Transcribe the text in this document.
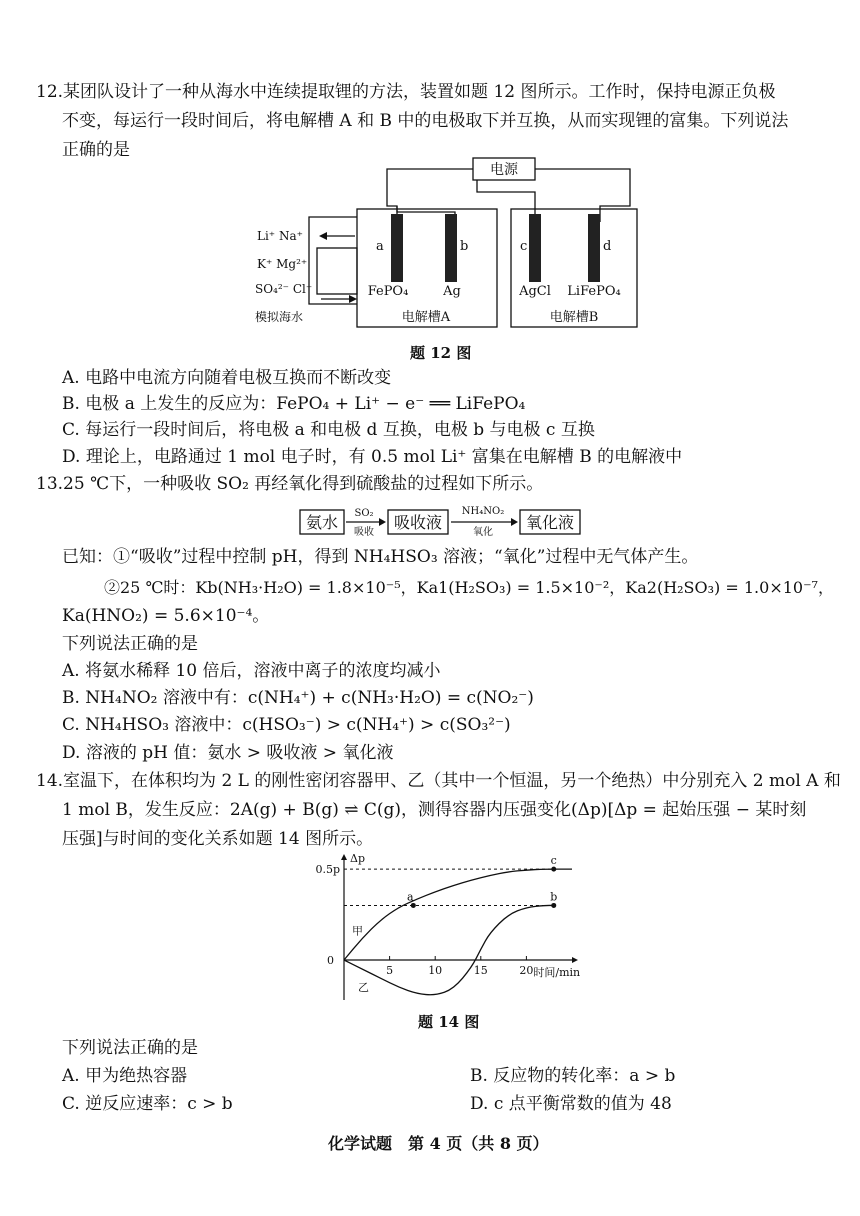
12.某团队设计了一种从海水中连续提取锂的方法，装置如题 12 图所示。工作时，保持电源正负极
不变，每运行一段时间后，将电解槽 A 和 B 中的电极取下并互换，从而实现锂的富集。下列说法
正确的是
电源
电解槽A	电解槽B
a	b	c	d
FePO₄	Ag	AgCl LiFePO₄
Li⁺ Na⁺
K⁺ Mg²⁺
SO₄²⁻ Cl⁻
模拟海水
题 12 图
A. 电路中电流方向随着电极互换而不断改变
B. 电极 a 上发生的反应为：FePO₄ + Li⁺ − e⁻ ══ LiFePO₄
C. 每运行一段时间后，将电极 a 和电极 d 互换，电极 b 与电极 c 互换
D. 理论上，电路通过 1 mol 电子时，有 0.5 mol Li⁺ 富集在电解槽 B 的电解液中
13.25 ℃下，一种吸收 SO₂ 再经氧化得到硫酸盐的过程如下所示。
氨水 SO₂
吸收
吸收液
NH₄NO₂
氧化
氧化液
已知：①“吸收”过程中控制 pH，得到 NH₄HSO₃ 溶液；“氧化”过程中无气体产生。
②25 ℃时：Kb(NH₃·H₂O) = 1.8×10⁻⁵，Ka1(H₂SO₃) = 1.5×10⁻²，Ka2(H₂SO₃) = 1.0×10⁻⁷，
Ka(HNO₂) = 5.6×10⁻⁴。
下列说法正确的是
A. 将氨水稀释 10 倍后，溶液中离子的浓度均减小
B. NH₄NO₂ 溶液中有：c(NH₄⁺) + c(NH₃·H₂O) = c(NO₂⁻)
C. NH₄HSO₃ 溶液中：c(HSO₃⁻) > c(NH₄⁺) > c(SO₃²⁻)
D. 溶液的 pH 值：氨水 > 吸收液 > 氧化液
14.室温下，在体积均为 2 L 的刚性密闭容器甲、乙（其中一个恒温，另一个绝热）中分别充入 2 mol A 和
1 mol B，发生反应：2A(g) + B(g) ⇌ C(g)，测得容器内压强变化(Δp)[Δp = 起始压强 − 某时刻
压强]与时间的变化关系如题 14 图所示。
Δp
时间/min
0
5	10	15	20
0.5p
甲
乙
a	b
c
题 14 图
下列说法正确的是
A. 甲为绝热容器	B. 反应物的转化率：a > b
C. 逆反应速率：c > b	D. c 点平衡常数的值为 48
化学试题　第 4 页（共 8 页）
